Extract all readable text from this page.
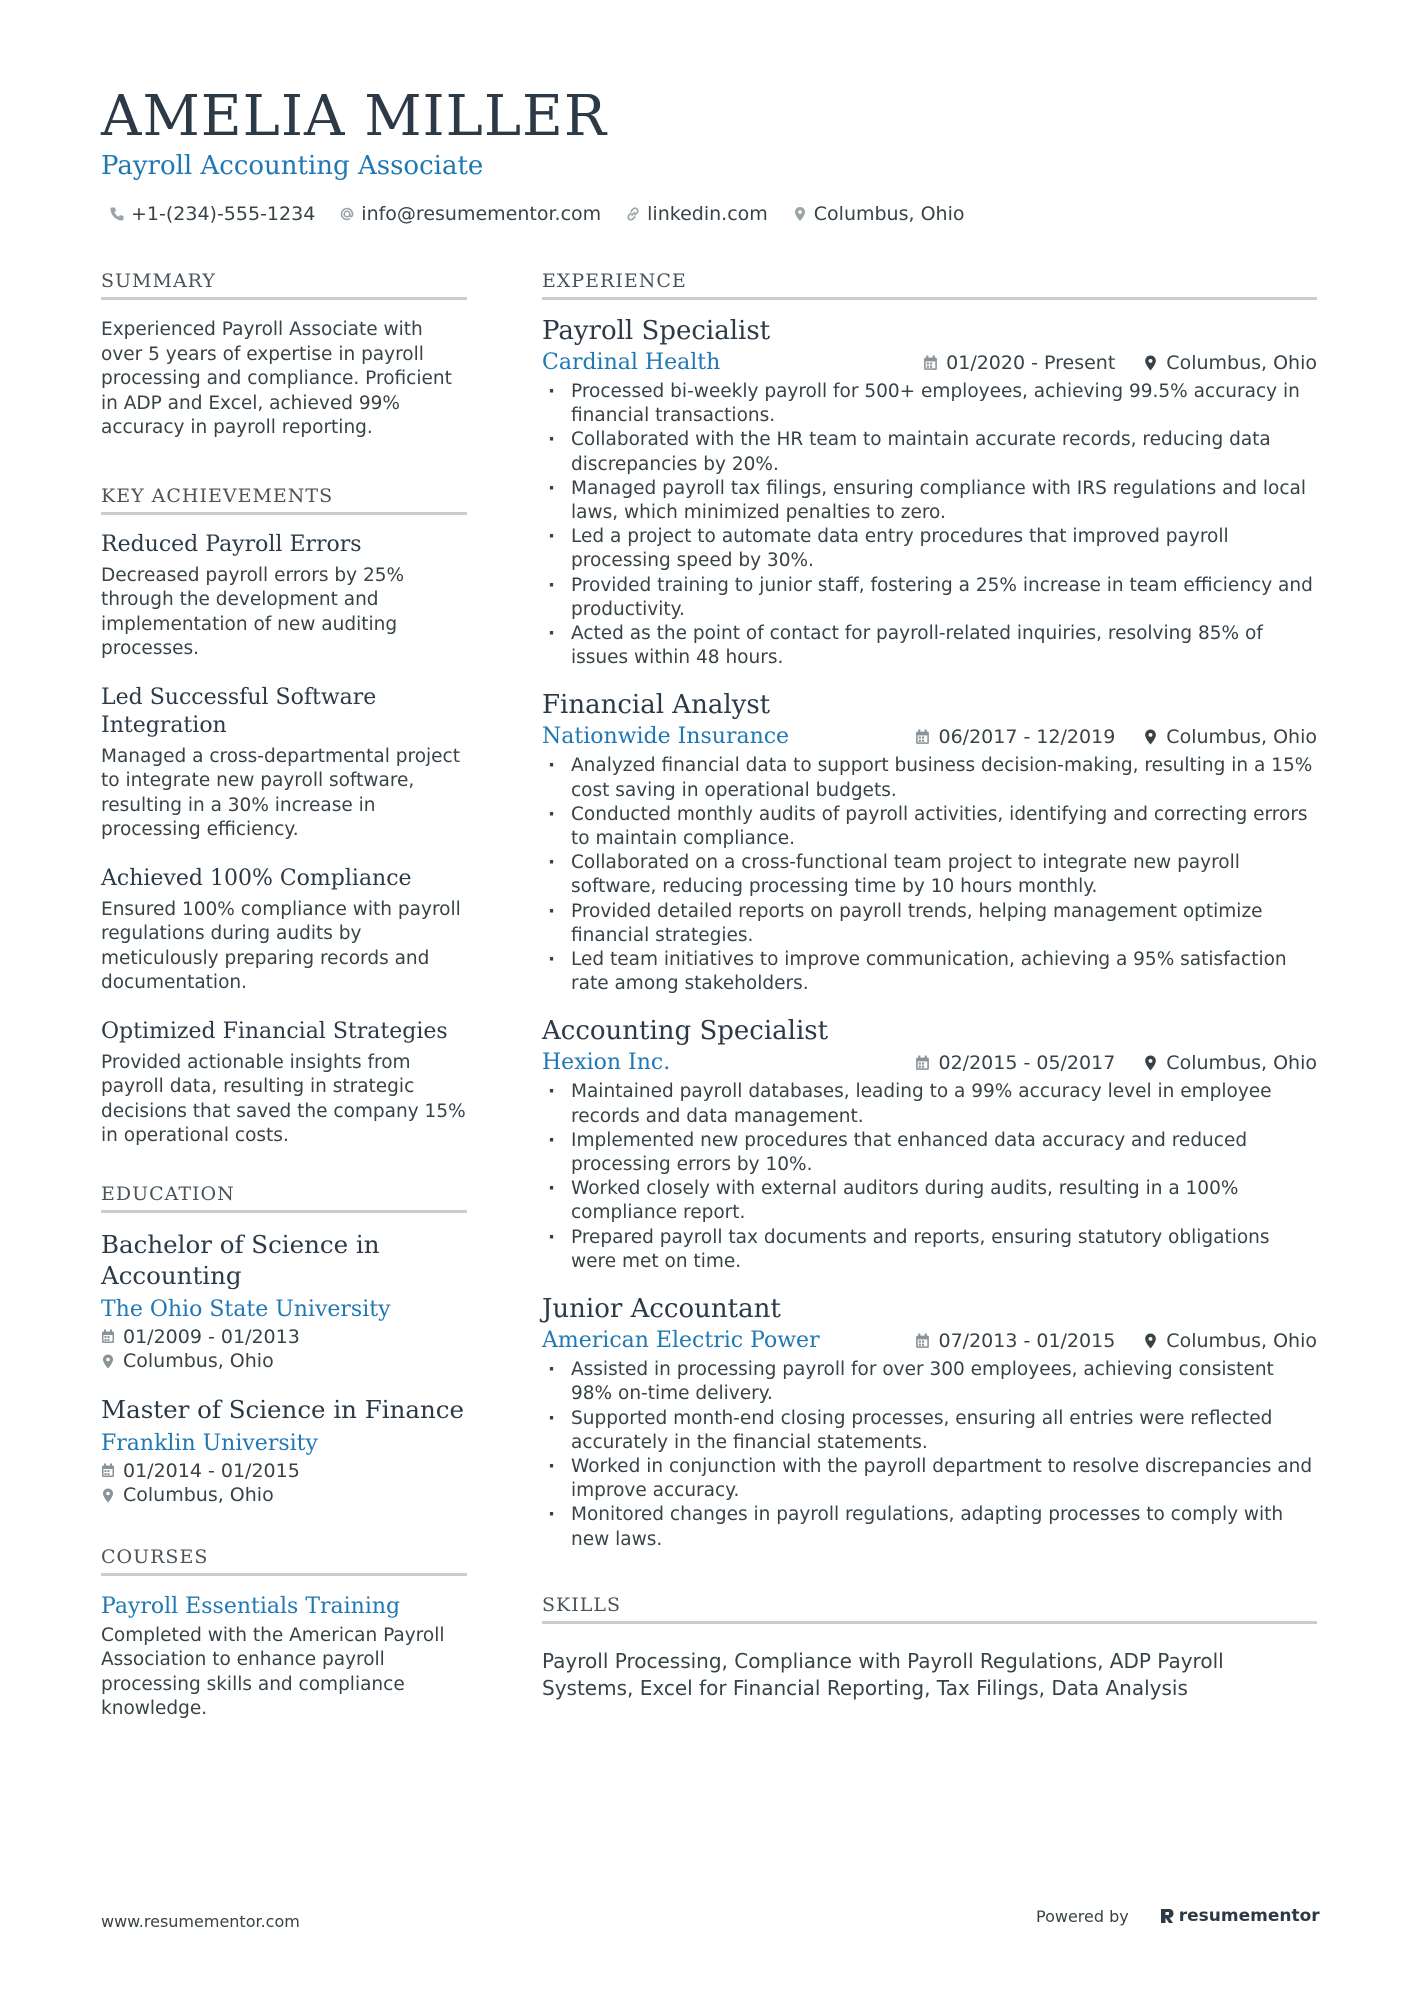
AMELIA MILLER
Payroll Accounting Associate
+1-(234)-555-1234 info@resumementor.com linkedin.com Columbus, Ohio
SUMMARY
Experienced Payroll Associate with over 5 years of expertise in payroll processing and compliance. Proficient in ADP and Excel, achieved 99% accuracy in payroll reporting.
KEY ACHIEVEMENTS
Reduced Payroll Errors
Decreased payroll errors by 25% through the development and implementation of new auditing processes.
Led Successful Software Integration
Managed a cross-departmental project to integrate new payroll software, resulting in a 30% increase in processing efficiency.
Achieved 100% Compliance
Ensured 100% compliance with payroll regulations during audits by meticulously preparing records and documentation.
Optimized Financial Strategies
Provided actionable insights from payroll data, resulting in strategic decisions that saved the company 15% in operational costs.
EDUCATION
Bachelor of Science in Accounting
The Ohio State University
01/2009 - 01/2013
Columbus, Ohio
Master of Science in Finance
Franklin University
01/2014 - 01/2015
Columbus, Ohio
COURSES
Payroll Essentials Training
Completed with the American Payroll Association to enhance payroll processing skills and compliance knowledge.
EXPERIENCE
Payroll Specialist
Cardinal Health	01/2020 - Present	Columbus, Ohio
· Processed bi-weekly payroll for 500+ employees, achieving 99.5% accuracy in financial transactions.
· Collaborated with the HR team to maintain accurate records, reducing data discrepancies by 20%.
· Managed payroll tax filings, ensuring compliance with IRS regulations and local laws, which minimized penalties to zero.
· Led a project to automate data entry procedures that improved payroll processing speed by 30%.
· Provided training to junior staff, fostering a 25% increase in team efficiency and productivity.
· Acted as the point of contact for payroll-related inquiries, resolving 85% of issues within 48 hours.
Financial Analyst
Nationwide Insurance	06/2017 - 12/2019	Columbus, Ohio
· Analyzed financial data to support business decision-making, resulting in a 15% cost saving in operational budgets.
· Conducted monthly audits of payroll activities, identifying and correcting errors to maintain compliance.
· Collaborated on a cross-functional team project to integrate new payroll software, reducing processing time by 10 hours monthly.
· Provided detailed reports on payroll trends, helping management optimize financial strategies.
· Led team initiatives to improve communication, achieving a 95% satisfaction rate among stakeholders.
Accounting Specialist
Hexion Inc.	02/2015 - 05/2017	Columbus, Ohio
· Maintained payroll databases, leading to a 99% accuracy level in employee records and data management.
· Implemented new procedures that enhanced data accuracy and reduced processing errors by 10%.
· Worked closely with external auditors during audits, resulting in a 100% compliance report.
· Prepared payroll tax documents and reports, ensuring statutory obligations were met on time.
Junior Accountant
American Electric Power	07/2013 - 01/2015	Columbus, Ohio
· Assisted in processing payroll for over 300 employees, achieving consistent 98% on-time delivery.
· Supported month-end closing processes, ensuring all entries were reflected accurately in the financial statements.
· Worked in conjunction with the payroll department to resolve discrepancies and improve accuracy.
· Monitored changes in payroll regulations, adapting processes to comply with new laws.
SKILLS
Payroll Processing, Compliance with Payroll Regulations, ADP Payroll Systems, Excel for Financial Reporting, Tax Filings, Data Analysis
www.resumementor.com	Powered by	resumementor
